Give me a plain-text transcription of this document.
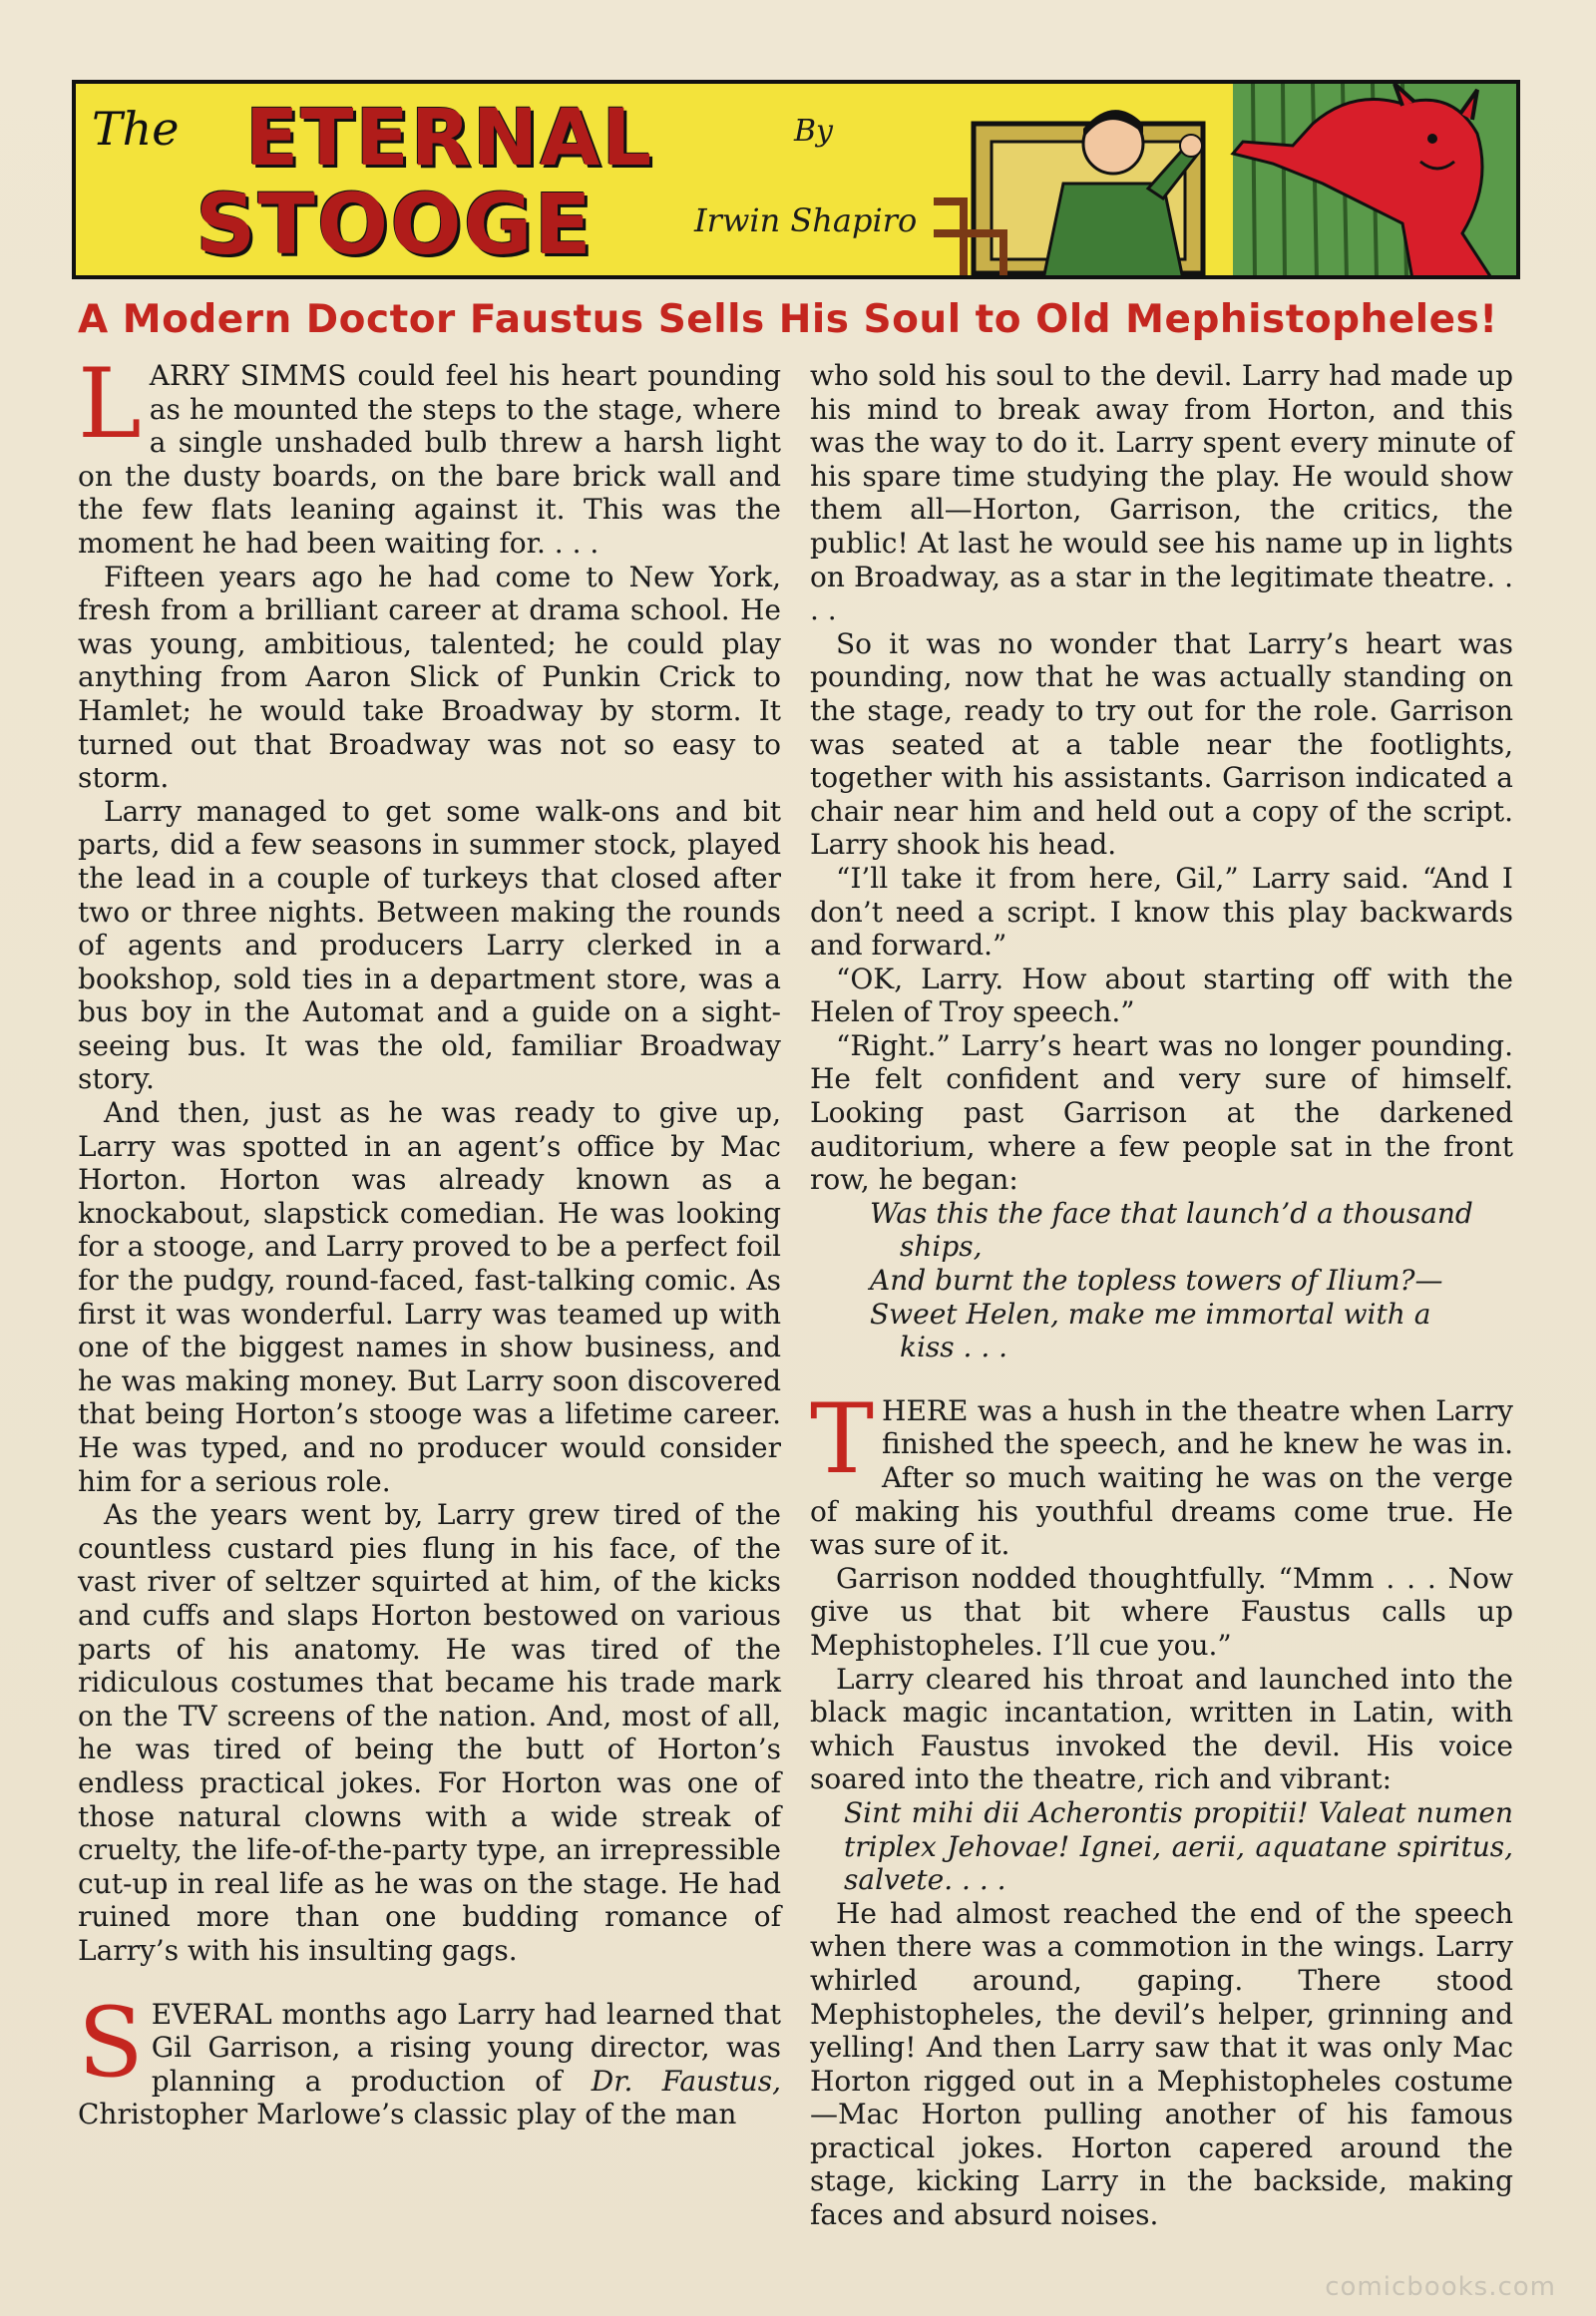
The ETERNAL
STOOGE
By
Irwin Shapiro
A Modern Doctor Faustus Sells His Soul to Old Mephistopheles!

LARRY SIMMS could feel his heart pounding as he mounted the steps to the stage, where a single unshaded bulb threw a harsh light on the dusty boards, on the bare brick wall and the few flats leaning against it. This was the moment he had been waiting for. . . .

Fifteen years ago he had come to New York, fresh from a brilliant career at drama school. He was young, ambitious, talented; he could play anything from Aaron Slick of Punkin Crick to Hamlet; he would take Broadway by storm. It turned out that Broadway was not so easy to storm.

Larry managed to get some walk-ons and bit parts, did a few seasons in summer stock, played the lead in a couple of turkeys that closed after two or three nights. Between making the rounds of agents and producers Larry clerked in a bookshop, sold ties in a department store, was a bus boy in the Automat and a guide on a sight-seeing bus. It was the old, familiar Broadway story.

And then, just as he was ready to give up, Larry was spotted in an agent’s office by Mac Horton. Horton was already known as a knockabout, slapstick comedian. He was looking for a stooge, and Larry proved to be a perfect foil for the pudgy, round-faced, fast-talking comic. As first it was wonderful. Larry was teamed up with one of the biggest names in show business, and he was making money. But Larry soon discovered that being Horton’s stooge was a lifetime career. He was typed, and no producer would consider him for a serious role.

As the years went by, Larry grew tired of the countless custard pies flung in his face, of the vast river of seltzer squirted at him, of the kicks and cuffs and slaps Horton bestowed on various parts of his anatomy. He was tired of the ridiculous costumes that became his trade mark on the TV screens of the nation. And, most of all, he was tired of being the butt of Horton’s endless practical jokes. For Horton was one of those natural clowns with a wide streak of cruelty, the life-of-the-party type, an irrepressible cut-up in real life as he was on the stage. He had ruined more than one budding romance of Larry’s with his insulting gags.

SEVERAL months ago Larry had learned that Gil Garrison, a rising young director, was planning a production of Dr. Faustus, Christopher Marlowe’s classic play of the man

who sold his soul to the devil. Larry had made up his mind to break away from Horton, and this was the way to do it. Larry spent every minute of his spare time studying the play. He would show them all—Horton, Garrison, the critics, the public! At last he would see his name up in lights on Broadway, as a star in the legitimate theatre. . . .

So it was no wonder that Larry’s heart was pounding, now that he was actually standing on the stage, ready to try out for the role. Garrison was seated at a table near the footlights, together with his assistants. Garrison indicated a chair near him and held out a copy of the script. Larry shook his head.

“I’ll take it from here, Gil,” Larry said. “And I don’t need a script. I know this play backwards and forward.”

“OK, Larry. How about starting off with the Helen of Troy speech.”

“Right.” Larry’s heart was no longer pounding. He felt confident and very sure of himself. Looking past Garrison at the darkened auditorium, where a few people sat in the front row, he began:

Was this the face that launch’d a thousand

ships,

And burnt the topless towers of Ilium?—

Sweet Helen, make me immortal with a

kiss . . .

THERE was a hush in the theatre when Larry finished the speech, and he knew he was in. After so much waiting he was on the verge of making his youthful dreams come true. He was sure of it.

Garrison nodded thoughtfully. “Mmm . . . Now give us that bit where Faustus calls up Mephistopheles. I’ll cue you.”

Larry cleared his throat and launched into the black magic incantation, written in Latin, with which Faustus invoked the devil. His voice soared into the theatre, rich and vibrant:

Sint mihi dii Acherontis propitii! Valeat numen triplex Jehovae! Ignei, aerii, aquatane spiritus, salvete. . . .

He had almost reached the end of the speech when there was a commotion in the wings. Larry whirled around, gaping. There stood Mephistopheles, the devil’s helper, grinning and yelling! And then Larry saw that it was only Mac Horton rigged out in a Mephistopheles costume—Mac Horton pulling another of his famous practical jokes. Horton capered around the stage, kicking Larry in the backside, making faces and absurd noises.

comicbooks.com
